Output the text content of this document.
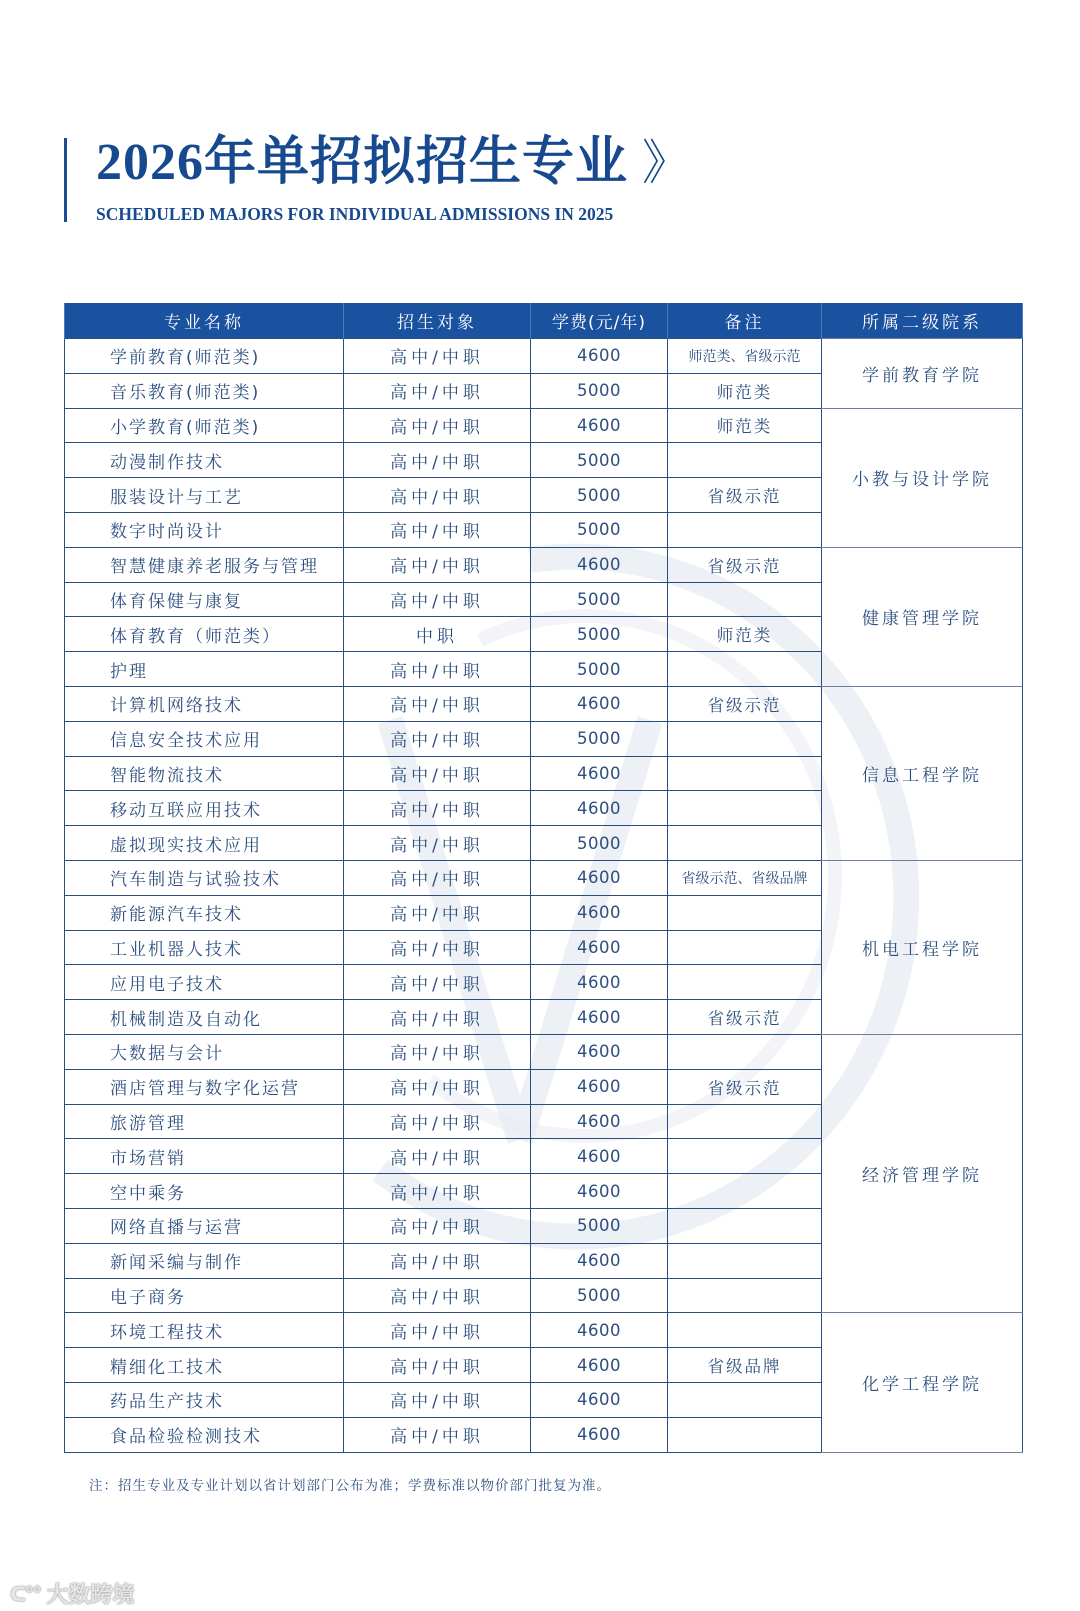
2026年单招拟招生专业 》
SCHEDULED MAJORS FOR INDIVIDUAL ADMISSIONS IN 2025
专业名称	招生对象	学费(元/年)	备注	所属二级院系
学前教育(师范类)	高中/中职	4600	师范类、省级示范	学前教育学院
音乐教育(师范类)	高中/中职	5000	师范类	
小学教育(师范类)	高中/中职	4600	师范类	小教与设计学院
动漫制作技术	高中/中职	5000		
服装设计与工艺	高中/中职	5000	省级示范	
数字时尚设计	高中/中职	5000		
智慧健康养老服务与管理	高中/中职	4600	省级示范	健康管理学院
体育保健与康复	高中/中职	5000		
体育教育（师范类）	中职	5000	师范类	
护理	高中/中职	5000		
计算机网络技术	高中/中职	4600	省级示范	信息工程学院
信息安全技术应用	高中/中职	5000		
智能物流技术	高中/中职	4600		
移动互联应用技术	高中/中职	4600		
虚拟现实技术应用	高中/中职	5000		
汽车制造与试验技术	高中/中职	4600	省级示范、省级品牌	机电工程学院
新能源汽车技术	高中/中职	4600		
工业机器人技术	高中/中职	4600		
应用电子技术	高中/中职	4600		
机械制造及自动化	高中/中职	4600	省级示范	
大数据与会计	高中/中职	4600		经济管理学院
酒店管理与数字化运营	高中/中职	4600	省级示范	
旅游管理	高中/中职	4600		
市场营销	高中/中职	4600		
空中乘务	高中/中职	4600		
网络直播与运营	高中/中职	5000		
新闻采编与制作	高中/中职	4600		
电子商务	高中/中职	5000		
环境工程技术	高中/中职	4600		化学工程学院
精细化工技术	高中/中职	4600	省级品牌	
药品生产技术	高中/中职	4600		
食品检验检测技术	高中/中职	4600		
注：招生专业及专业计划以省计划部门公布为准；学费标准以物价部门批复为准。
ᑕ°° 大数跨境
